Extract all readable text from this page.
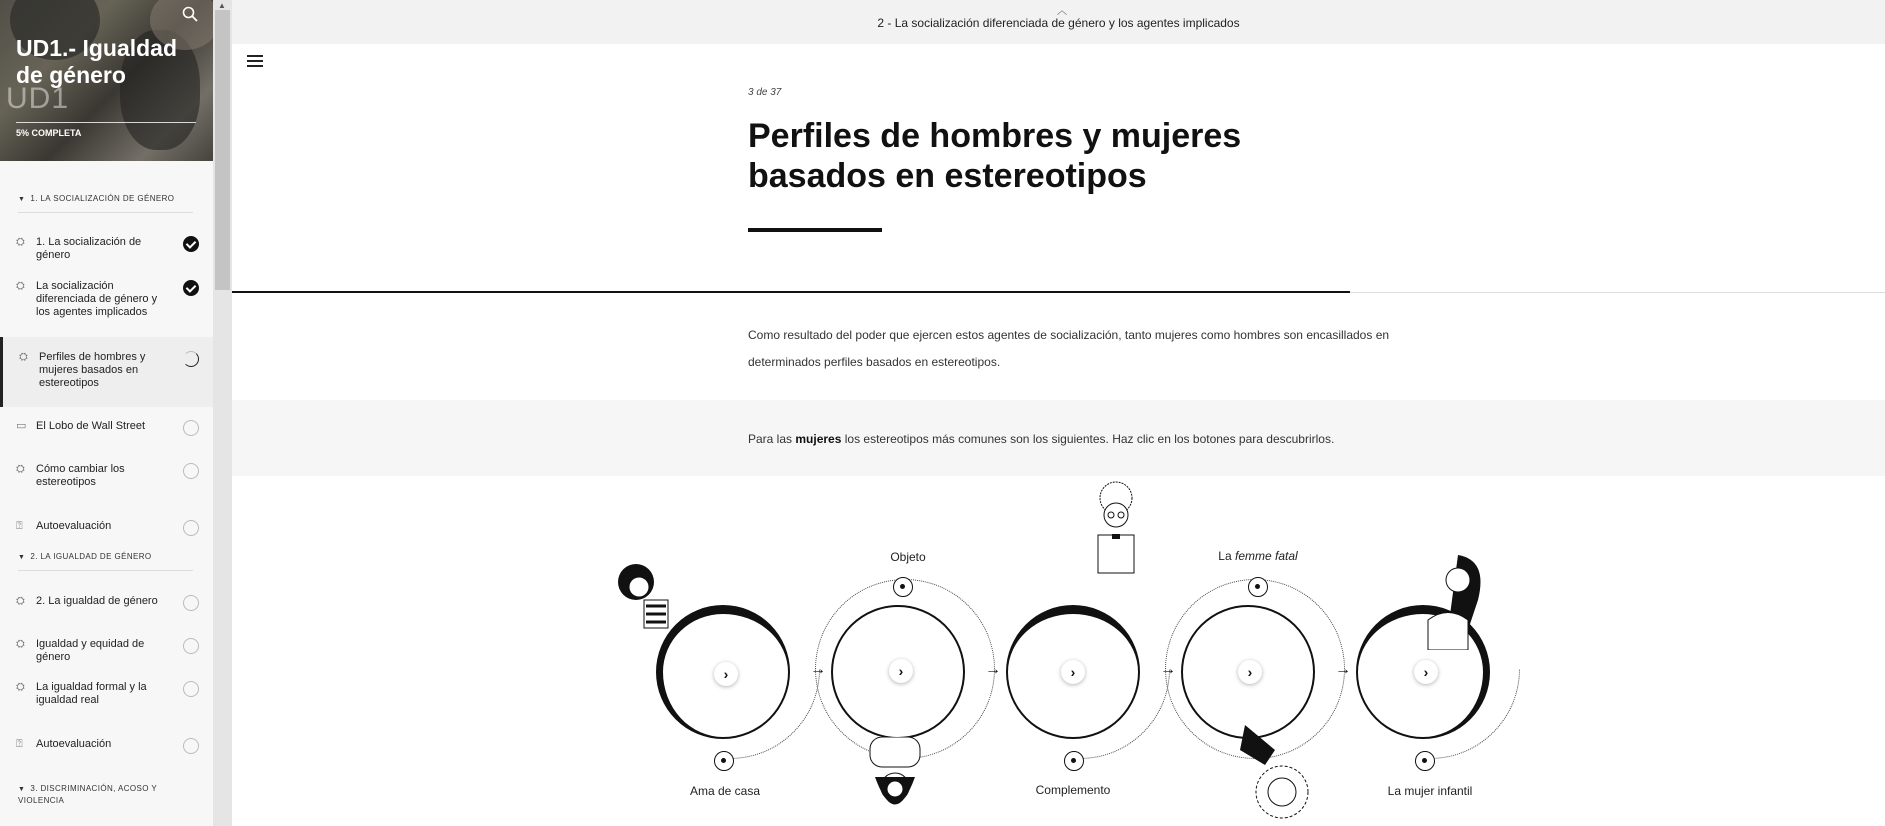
UD1.- Igualdad de género
UD1
5% COMPLETA
▼ 1. LA SOCIALIZACIÓN DE GÉNERO
⛭	1. La socialización de género
⛭	La socialización diferenciada de género y los agentes implicados
⛭	Perfiles de hombres y mujeres basados en estereotipos
▭ El Lobo de Wall Street
⛭	Cómo cambiar los estereotipos
⍰	Autoevaluación
▼ 2. LA IGUALDAD DE GÉNERO
⛭	2. La igualdad de género
⛭	Igualdad y equidad de género
⛭	La igualdad formal y la igualdad real
⍰	Autoevaluación
▼ 3. DISCRIMINACIÓN, ACOSO Y VIOLENCIA
▲
2 - La socialización diferenciada de género y los agentes implicados
︿
3 de 37
Perfiles de hombres y mujeres basados en estereotipos
Como resultado del poder que ejercen estos agentes de socialización, tanto mujeres como hombres son encasillados en determinados perfiles basados en estereotipos.
Para las mujeres los estereotipos más comunes son los siguientes. Haz clic en los botones para descubrirlos.
→	→	→	→
›	›	›	›	›
Ama de casa
Objeto
Complemento
La femme fatal
La mujer infantil
